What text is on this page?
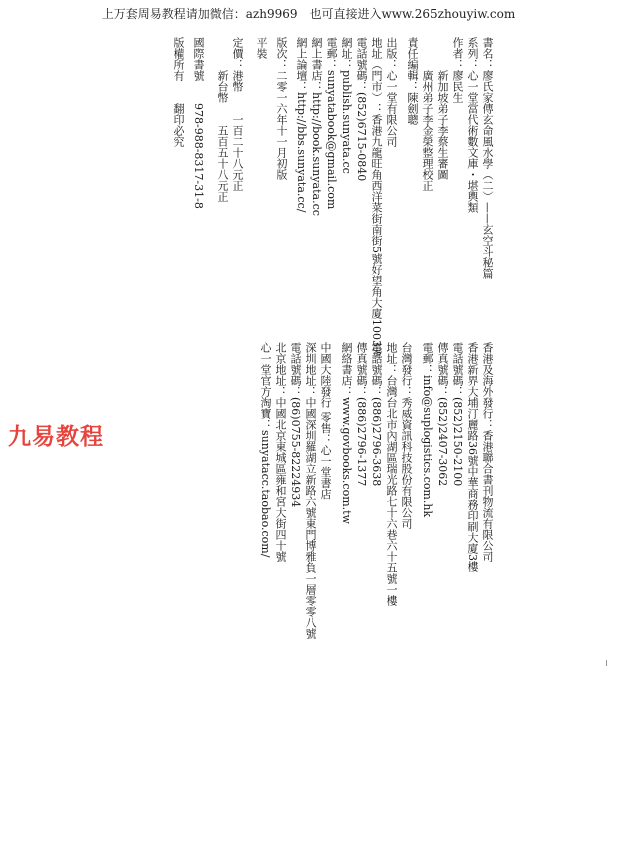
上万套周易教程请加微信：azh9969　也可直接进入www.265zhouyiw.com
九易教程
書名：廖氏家傳玄命風水學（二）——玄空斗秘篇
系列：心一堂當代術數文庫・堪輿類
作者：廖民生
　　　新加坡弟子李蔡生審圖
　　　廣州弟子李金榮整理校正
責任編輯：陳劍聰
出版：心一堂有限公司
地址（門市）：香港九龍旺角西洋菜街南街5號好望角大廈1003室
電話號碼：(852)6715-0840
網址：publish.sunyata.cc
電郵：sunyatabook@gmail.com
網上書店：http://book.sunyata.cc
網上論壇：http://bbs.sunyata.cc/
版次：二零一六年十一月初版
平裝
定價：港幣　　一百二十八元正
　　　新台幣　　五百五十八元正
國際書號　　978-988-8317-31-8
版權所有　　翻印必究
香港及海外發行：香港聯合書刊物流有限公司
香港新界大埔汀麗路36號中華商務印刷大廈3樓
電話號碼：(852)2150-2100
傳真號碼：(852)2407-3062
電郵：info@suplogistics.com.hk
台灣發行：秀威資訊科技股份有限公司
地址：台灣台北市內湖區瑞光路七十六巷六十五號一樓
電話號碼：(886)2796-3638
傳真號碼：(886)2796-1377
網絡書店：www.govbooks.com.tw
中國大陸發行 零售：心一堂書店
深圳地址：中國深圳羅湖立新路六號東門博雅負一層零零八號
電話號碼：(86)0755-82224934
北京地址：中國北京東城區雍和宮大街四十號
心一堂官方淘寶：sunyatacc.taobao.com/
